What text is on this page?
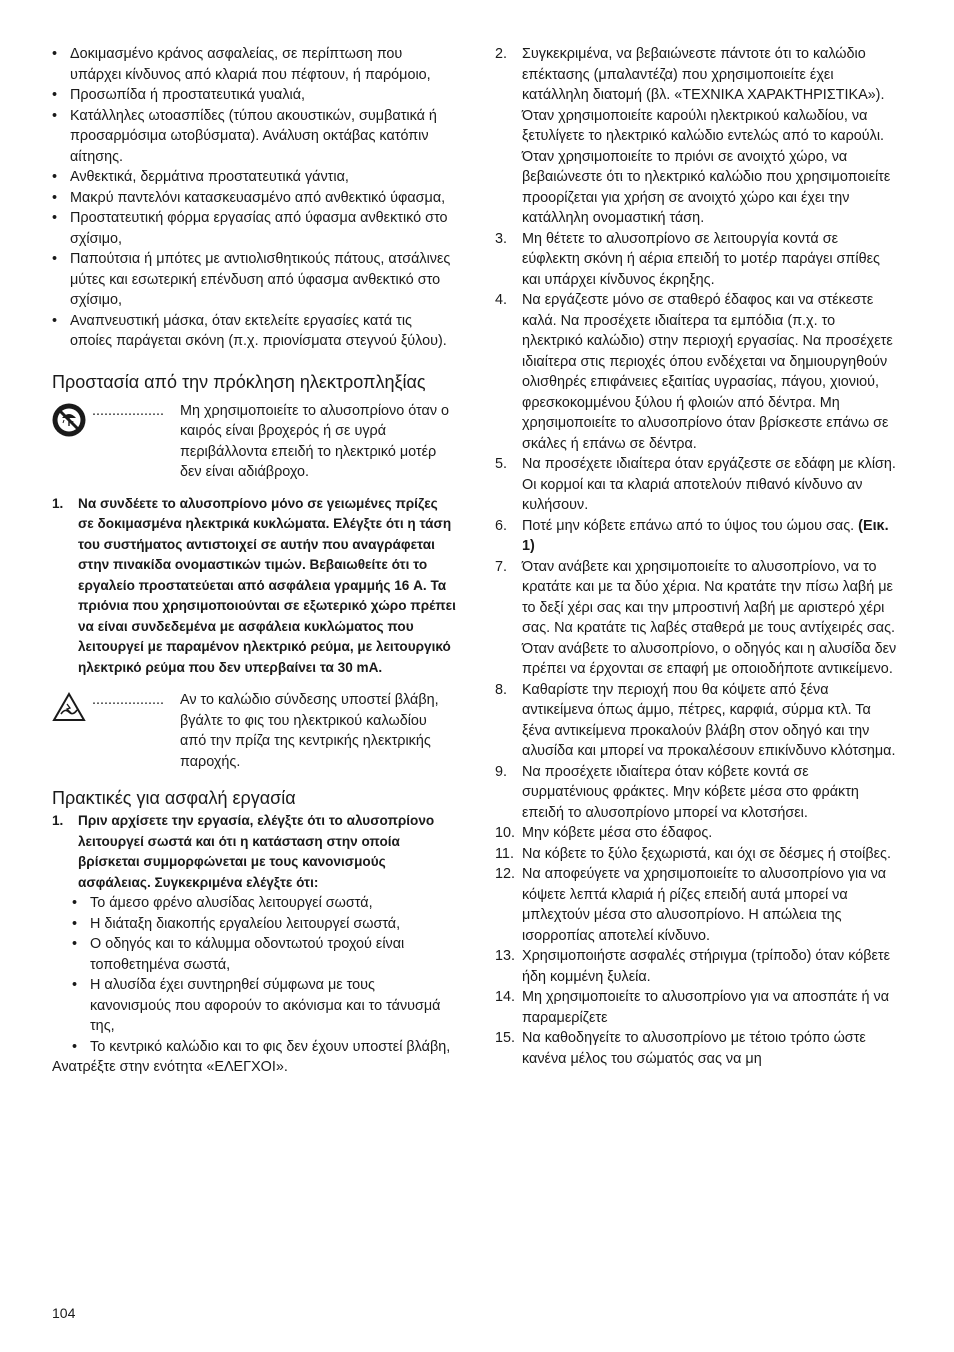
• Δοκιμασμένο κράνος ασφαλείας, σε περίπτωση που υπάρχει κίνδυνος από κλαριά που πέφτουν, ή παρόμοιο,
• Προσωπίδα ή προστατευτικά γυαλιά,
• Κατάλληλες ωτοασπίδες (τύπου ακουστικών, συμβατικά ή προσαρμόσιμα ωτοβύσματα). Ανάλυση οκτάβας κατόπιν αίτησης.
• Ανθεκτικά, δερμάτινα προστατευτικά γάντια,
• Μακρύ παντελόνι κατασκευασμένο από ανθεκτικό ύφασμα,
• Προστατευτική φόρμα εργασίας από ύφασμα ανθεκτικό στο σχίσιμο,
• Παπούτσια ή μπότες με αντιολισθητικούς πάτους, ατσάλινες μύτες και εσωτερική επένδυση από ύφασμα ανθεκτικό στο σχίσιμο,
• Αναπνευστική μάσκα, όταν εκτελείτε εργασίες κατά τις οποίες παράγεται σκόνη (π.χ. πριονίσματα στεγνού ξύλου).
Προστασία από την πρόκληση ηλεκτροπληξίας
.................. Μη χρησιμοποιείτε το αλυσοπρίονο όταν ο καιρός είναι βροχερός ή σε υγρά περιβάλλοντα επειδή το ηλεκτρικό μοτέρ δεν είναι αδιάβροχο.
1. Να συνδέετε το αλυσοπρίονο μόνο σε γειωμένες πρίζες σε δοκιμασμένα ηλεκτρικά κυκλώματα. Ελέγξτε ότι η τάση του συστήματος αντιστοιχεί σε αυτήν που αναγράφεται στην πινακίδα ονομαστικών τιμών. Βεβαιωθείτε ότι το εργαλείο προστατεύεται από ασφάλεια γραμμής 16 A. Τα πριόνια που χρησιμοποιούνται σε εξωτερικό χώρο πρέπει να είναι συνδεδεμένα με ασφάλεια κυκλώματος που λειτουργεί με παραμένον ηλεκτρικό ρεύμα, με λειτουργικό ηλεκτρικό ρεύμα που δεν υπερβαίνει τα 30 mA.
.................. Αν το καλώδιο σύνδεσης υποστεί βλάβη, βγάλτε το φις του ηλεκτρικού καλωδίου από την πρίζα της κεντρικής ηλεκτρικής παροχής.
Πρακτικές για ασφαλή εργασία
1. Πριν αρχίσετε την εργασία, ελέγξτε ότι το αλυσοπρίονο λειτουργεί σωστά και ότι η κατάσταση στην οποία βρίσκεται συμμορφώνεται με τους κανονισμούς ασφάλειας. Συγκεκριμένα ελέγξτε ότι:
• Το άμεσο φρένο αλυσίδας λειτουργεί σωστά,
• Η διάταξη διακοπής εργαλείου λειτουργεί σωστά,
• Ο οδηγός και το κάλυμμα οδοντωτού τροχού είναι τοποθετημένα σωστά,
• Η αλυσίδα έχει συντηρηθεί σύμφωνα με τους κανονισμούς που αφορούν το ακόνισμα και το τάνυσμά της,
• Το κεντρικό καλώδιο και το φις δεν έχουν υποστεί βλάβη,

Ανατρέξτε στην ενότητα «ΕΛΕΓΧΟΙ».

2. Συγκεκριμένα, να βεβαιώνεστε πάντοτε ότι το καλώδιο επέκτασης (μπαλαντέζα) που χρησιμοποιείτε έχει κατάλληλη διατομή (βλ. «ΤΕΧΝΙΚΑ ΧΑΡΑΚΤΗΡΙΣΤΙΚΑ»). Όταν χρησιμοποιείτε καρούλι ηλεκτρικού καλωδίου, να ξετυλίγετε το ηλεκτρικό καλώδιο εντελώς από το καρούλι. Όταν χρησιμοποιείτε το πριόνι σε ανοιχτό χώρο, να βεβαιώνεστε ότι το ηλεκτρικό καλώδιο που χρησιμοποιείτε προορίζεται για χρήση σε ανοιχτό χώρο και έχει την κατάλληλη ονομαστική τάση.
3. Μη θέτετε το αλυσοπρίονο σε λειτουργία κοντά σε εύφλεκτη σκόνη ή αέρια επειδή το μοτέρ παράγει σπίθες και υπάρχει κίνδυνος έκρηξης.
4. Να εργάζεστε μόνο σε σταθερό έδαφος και να στέκεστε καλά. Να προσέχετε ιδιαίτερα τα εμπόδια (π.χ. το ηλεκτρικό καλώδιο) στην περιοχή εργασίας. Να προσέχετε ιδιαίτερα στις περιοχές όπου ενδέχεται να δημιουργηθούν ολισθηρές επιφάνειες εξαιτίας υγρασίας, πάγου, χιονιού, φρεσκοκομμένου ξύλου ή φλοιών από δέντρα. Μη χρησιμοποιείτε το αλυσοπρίονο όταν βρίσκεστε επάνω σε σκάλες ή επάνω σε δέντρα.
5. Να προσέχετε ιδιαίτερα όταν εργάζεστε σε εδάφη με κλίση. Οι κορμοί και τα κλαριά αποτελούν πιθανό κίνδυνο αν κυλήσουν.
6. Ποτέ μην κόβετε επάνω από το ύψος του ώμου σας. (Εικ. 1)
7. Όταν ανάβετε και χρησιμοποιείτε το αλυσοπρίονο, να το κρατάτε και με τα δύο χέρια. Να κρατάτε την πίσω λαβή με το δεξί χέρι σας και την μπροστινή λαβή με αριστερό χέρι σας. Να κρατάτε τις λαβές σταθερά με τους αντίχειρές σας. Όταν ανάβετε το αλυσοπρίονο, ο οδηγός και η αλυσίδα δεν πρέπει να έρχονται σε επαφή με οποιοδήποτε αντικείμενο.
8. Καθαρίστε την περιοχή που θα κόψετε από ξένα αντικείμενα όπως άμμο, πέτρες, καρφιά, σύρμα κτλ. Τα ξένα αντικείμενα προκαλούν βλάβη στον οδηγό και την αλυσίδα και μπορεί να προκαλέσουν επικίνδυνο κλότσημα.
9. Να προσέχετε ιδιαίτερα όταν κόβετε κοντά σε συρματένιους φράκτες. Μην κόβετε μέσα στο φράκτη επειδή το αλυσοπρίονο μπορεί να κλοτσήσει.
10. Μην κόβετε μέσα στο έδαφος.
11. Να κόβετε το ξύλο ξεχωριστά, και όχι σε δέσμες ή στοίβες.
12. Να αποφεύγετε να χρησιμοποιείτε το αλυσοπρίονο για να κόψετε λεπτά κλαριά ή ρίζες επειδή αυτά μπορεί να μπλεχτούν μέσα στο αλυσοπρίονο. Η απώλεια της ισορροπίας αποτελεί κίνδυνο.
13. Χρησιμοποιήστε ασφαλές στήριγμα (τρίποδο) όταν κόβετε ήδη κομμένη ξυλεία.
14. Μη χρησιμοποιείτε το αλυσοπρίονο για να αποσπάτε ή να παραμερίζετε
15. Να καθοδηγείτε το αλυσοπρίονο με τέτοιο τρόπο ώστε κανένα μέλος του σώματός σας να μη
104
